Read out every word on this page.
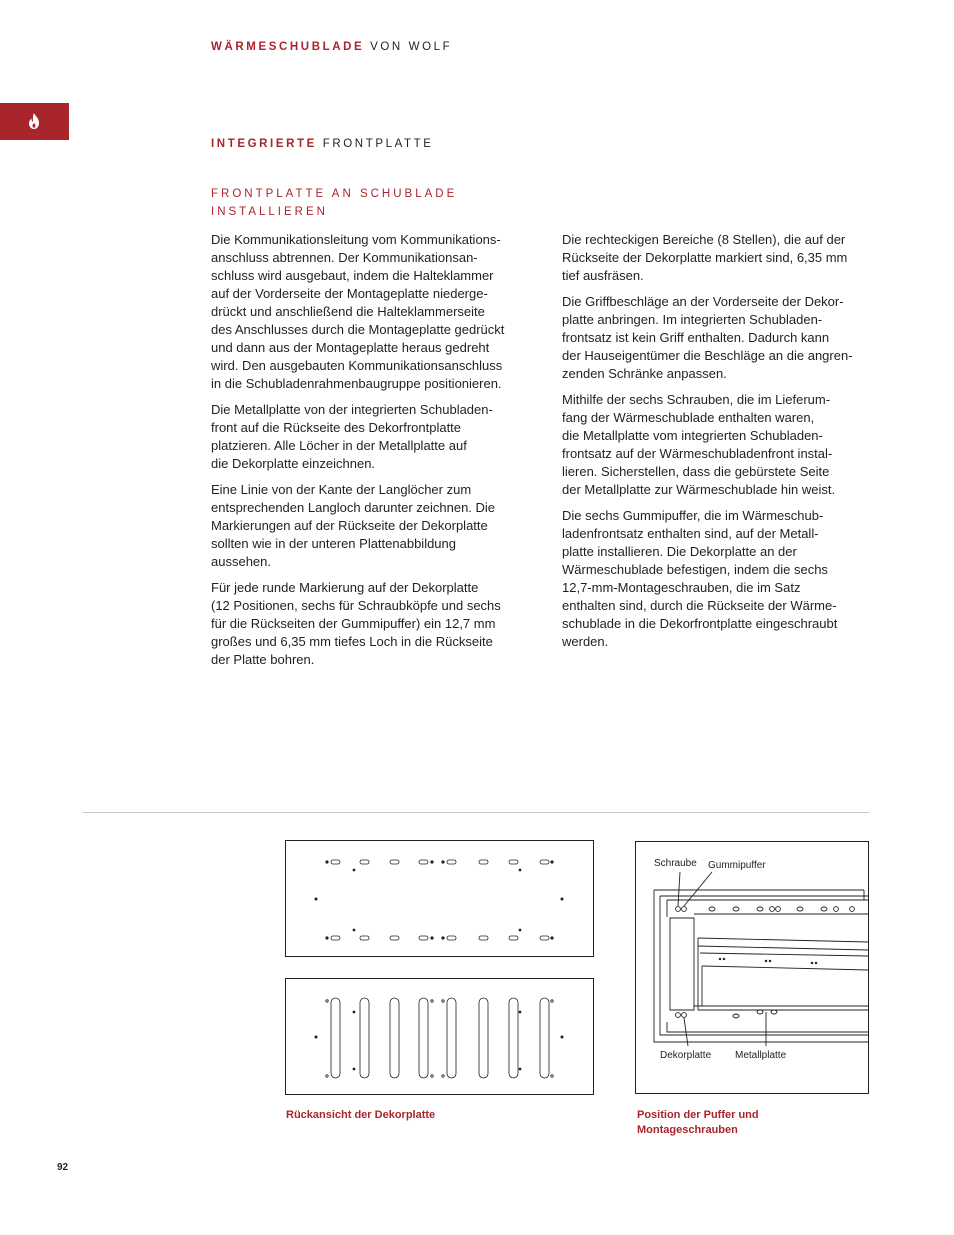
WÄRMESCHUBLADE VON WOLF
INTEGRIERTE FRONTPLATTE
FRONTPLATTE AN SCHUBLADE
INSTALLIEREN

Die Kommunikationsleitung vom Kommunikations-
anschluss abtrennen. Der Kommunikationsan-
schluss wird ausgebaut, indem die Halteklammer
auf der Vorderseite der Montageplatte niederge-
drückt und anschließend die Halteklammerseite
des Anschlusses durch die Montageplatte gedrückt
und dann aus der Montageplatte heraus gedreht
wird. Den ausgebauten Kommunikationsanschluss
in die Schubladenrahmenbaugruppe positionieren.

Die Metallplatte von der integrierten Schubladen-
front auf die Rückseite des Dekorfrontplatte
platzieren. Alle Löcher in der Metallplatte auf
die Dekorplatte einzeichnen.

Eine Linie von der Kante der Langlöcher zum
entsprechenden Langloch darunter zeichnen. Die
Markierungen auf der Rückseite der Dekorplatte
sollten wie in der unteren Plattenabbildung
aussehen.

Für jede runde Markierung auf der Dekorplatte
(12 Positionen, sechs für Schraubköpfe und sechs
für die Rückseiten der Gummipuffer) ein 12,7 mm
großes und 6,35 mm tiefes Loch in die Rückseite
der Platte bohren.

Die rechteckigen Bereiche (8 Stellen), die auf der
Rückseite der Dekorplatte markiert sind, 6,35 mm
tief ausfräsen.

Die Griffbeschläge an der Vorderseite der Dekor-
platte anbringen. Im integrierten Schubladen-
frontsatz ist kein Griff enthalten. Dadurch kann
der Hauseigentümer die Beschläge an die angren-
zenden Schränke anpassen.

Mithilfe der sechs Schrauben, die im Lieferum-
fang der Wärmeschublade enthalten waren,
die Metallplatte vom integrierten Schubladen-
frontsatz auf der Wärmeschubladenfront instal-
lieren. Sicherstellen, dass die gebürstete Seite
der Metallplatte zur Wärmeschublade hin weist.

Die sechs Gummipuffer, die im Wärmeschub-
ladenfrontsatz enthalten sind, auf der Metall-
platte installieren. Die Dekorplatte an der
Wärmeschublade befestigen, indem die sechs
12,7-mm-Montageschrauben, die im Satz
enthalten sind, durch die Rückseite der Wärme-
schublade in die Dekorfrontplatte eingeschraubt
werden.

Rückansicht der Dekorplatte
Schraube Gummipuffer
Dekorplatte Metallplatte
Position der Puffer und
Montageschrauben
92
